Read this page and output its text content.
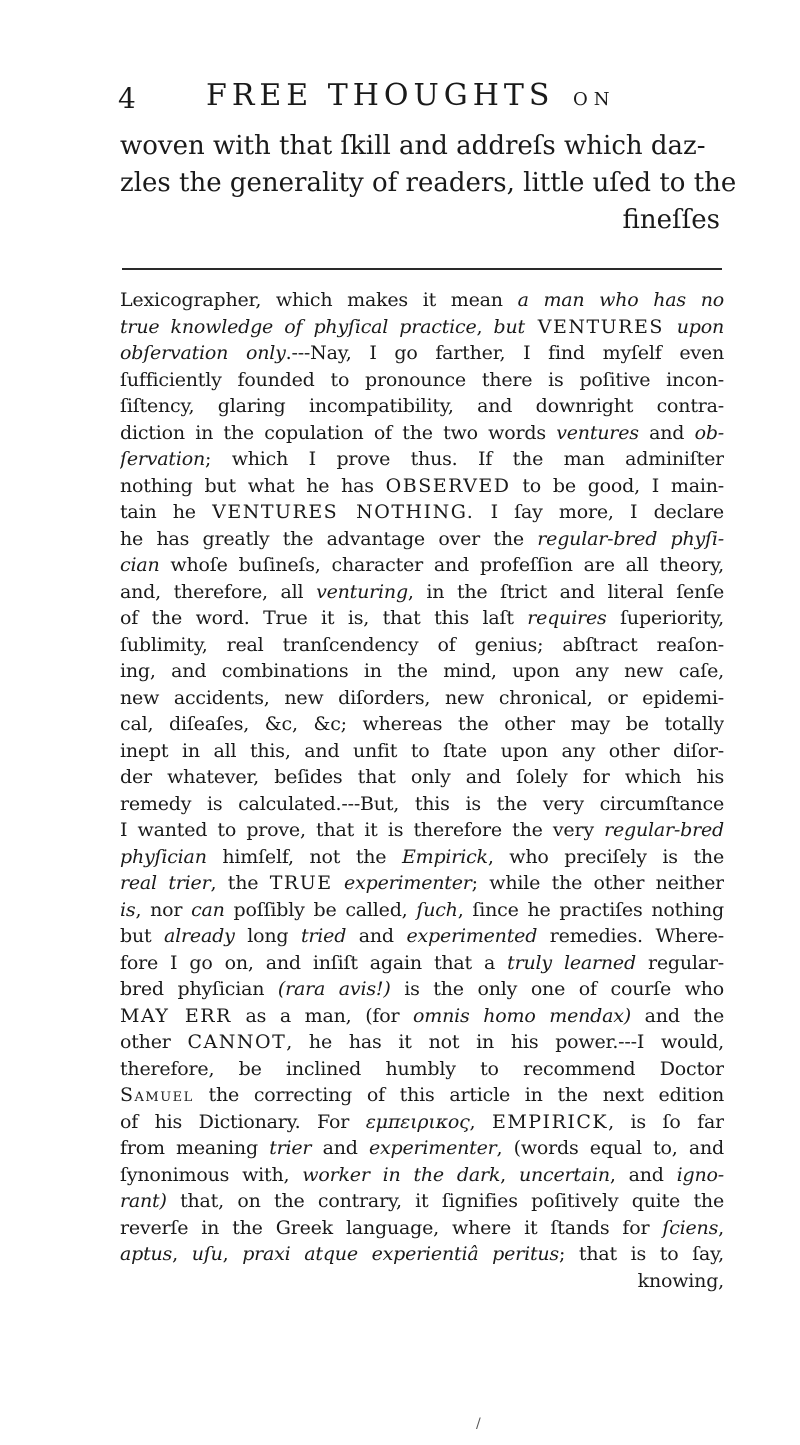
4 FREE THOUGHTS ON
woven with that ſkill and addreſs which daz-
zles the generality of readers, little uſed to the
fineſſes
Lexicographer, which makes it mean a man who has no
true knowledge of phyſical practice, but VENTURES upon
obſervation only.---Nay, I go farther, I find myſelf even
ſufficiently founded to pronounce there is poſitive incon-
ſiſtency, glaring incompatibility, and downright contra-
diction in the copulation of the two words ventures and ob-
ſervation; which I prove thus. If the man adminiſter
nothing but what he has OBSERVED to be good, I main-
tain he VENTURES NOTHING. I ſay more, I declare
he has greatly the advantage over the regular-bred phyſi-
cian whoſe buſineſs, character and profeſſion are all theory,
and, therefore, all venturing, in the ſtrict and literal ſenſe
of the word. True it is, that this laſt requires ſuperiority,
ſublimity, real tranſcendency of genius; abſtract reaſon-
ing, and combinations in the mind, upon any new caſe,
new accidents, new diſorders, new chronical, or epidemi-
cal, diſeaſes, &c, &c; whereas the other may be totally
inept in all this, and unfit to ſtate upon any other diſor-
der whatever, beſides that only and ſolely for which his
remedy is calculated.---But, this is the very circumſtance
I wanted to prove, that it is therefore the very regular-bred
phyſician himſelf, not the Empirick, who preciſely is the
real trier, the TRUE experimenter; while the other neither
is, nor can poſſibly be called, ſuch, ſince he practiſes nothing
but already long tried and experimented remedies. Where-
fore I go on, and inſiſt again that a truly learned regular-
bred phyſician (rara avis!) is the only one of courſe who
MAY ERR as a man, (for omnis homo mendax) and the
other CANNOT, he has it not in his power.---I would,
therefore, be inclined humbly to recommend Doctor
Samuel the correcting of this article in the next edition
of his Dictionary. For εμπειρικος, EMPIRICK, is ſo far
from meaning trier and experimenter, (words equal to, and
ſynonimous with, worker in the dark, uncertain, and igno-
rant) that, on the contrary, it ſignifies poſitively quite the
reverſe in the Greek language, where it ſtands for ſciens,
aptus, uſu, praxi atque experientiâ peritus; that is to ſay,
knowing,
/
